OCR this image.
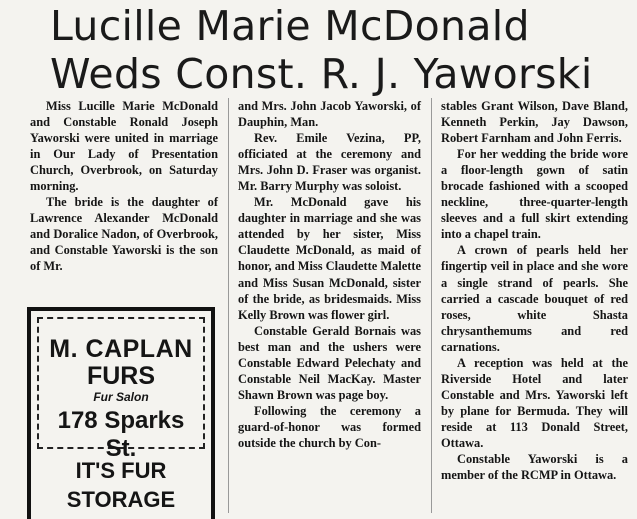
Lucille Marie McDonald
Weds Const. R. J. Yaworski

Miss Lucille Marie McDonald and Constable Ronald Joseph Yaworski were united in marriage in Our Lady of Presentation Church, Overbrook, on Saturday morning.

The bride is the daughter of Lawrence Alexander McDonald and Doralice Nadon, of Overbrook, and Constable Yaworski is the son of Mr.

and Mrs. John Jacob Yaworski, of Dauphin, Man.

Rev. Emile Vezina, PP, officiated at the ceremony and Mrs. John D. Fraser was organist. Mr. Barry Murphy was soloist.

Mr. McDonald gave his daughter in marriage and she was attended by her sister, Miss Claudette McDonald, as maid of honor, and Miss Claudette Malette and Miss Susan McDonald, sister of the bride, as bridesmaids. Miss Kelly Brown was flower girl.

Constable Gerald Bornais was best man and the ushers were Constable Edward Pelechaty and Constable Neil MacKay. Master Shawn Brown was page boy.

Following the ceremony a guard-of-honor was formed outside the church by Con-

stables Grant Wilson, Dave Bland, Kenneth Perkin, Jay Dawson, Robert Farnham and John Ferris.

For her wedding the bride wore a floor-length gown of satin brocade fashioned with a scooped neckline, three-quarter-length sleeves and a full skirt extending into a chapel train.

A crown of pearls held her fingertip veil in place and she wore a single strand of pearls. She carried a cascade bouquet of red roses, white Shasta chrysanthemums and red carnations.

A reception was held at the Riverside Hotel and later Constable and Mrs. Yaworski left by plane for Bermuda. They will reside at 113 Donald Street, Ottawa.

Constable Yaworski is a member of the RCMP in Ottawa.

M. CAPLAN
FURS
Fur Salon
178 Sparks St.
IT'S FUR
STORAGE
